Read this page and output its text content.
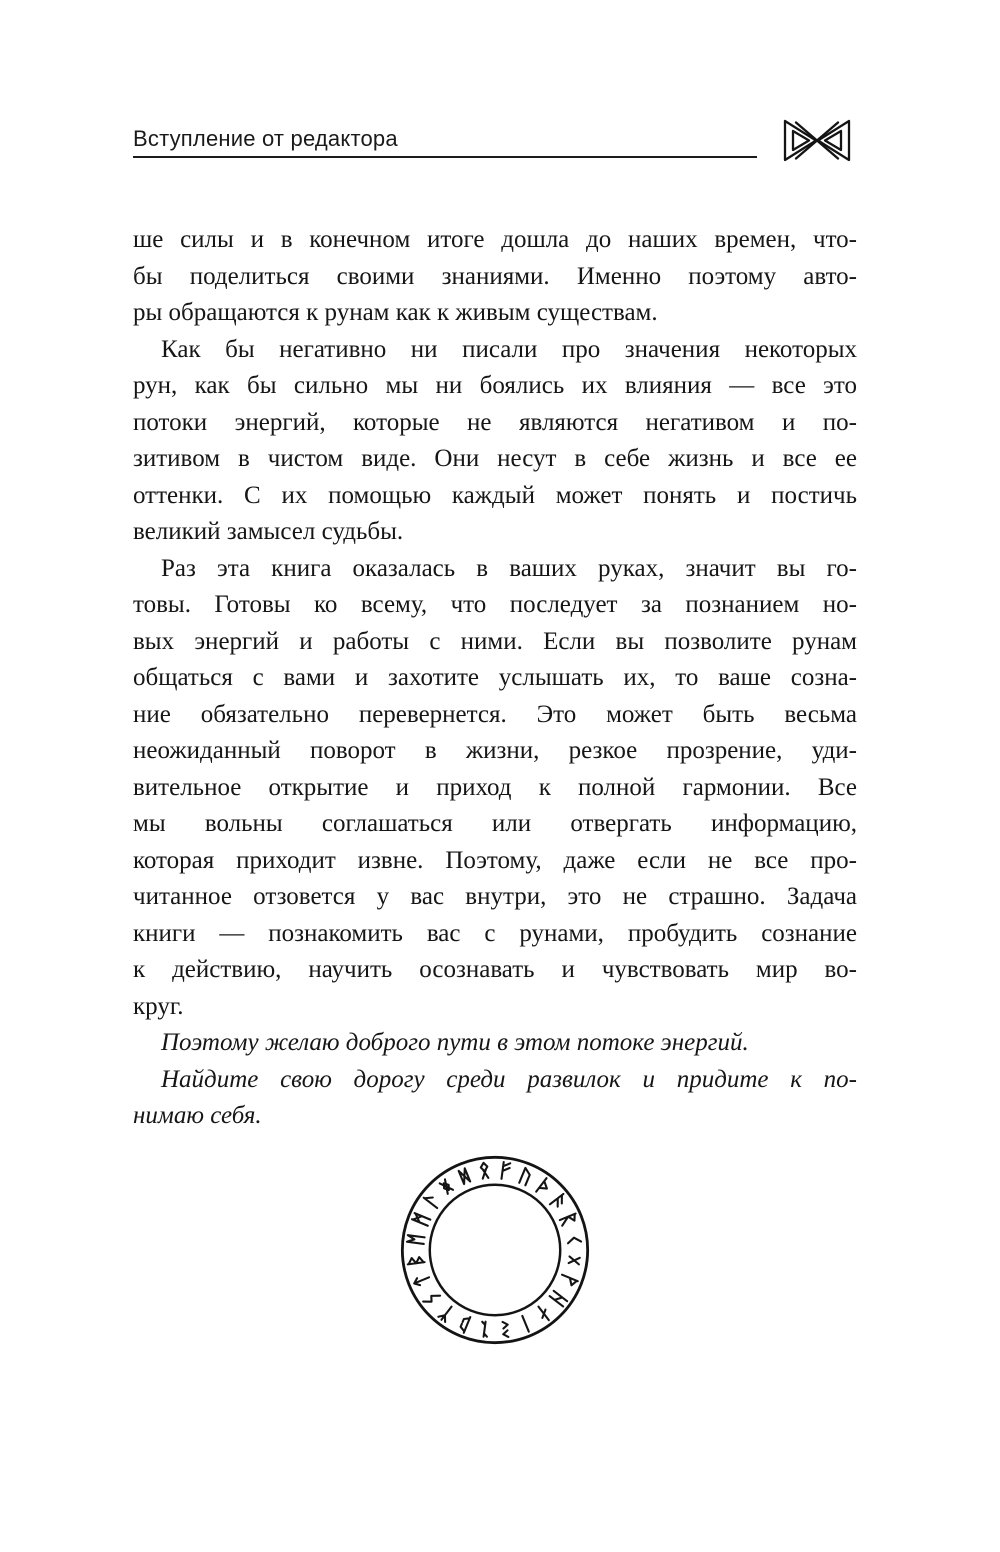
Вступление от редактора
ше силы и в конечном итоге дошла до наших времен, что-
бы поделиться своими знаниями. Именно поэтому авто-
ры обращаются к рунам как к живым существам.
Как бы негативно ни писали про значения некоторых
рун, как бы сильно мы ни боялись их влияния — все это
потоки энергий, которые не являются негативом и по-
зитивом в чистом виде. Они несут в себе жизнь и все ее
оттенки. С их помощью каждый может понять и постичь
великий замысел судьбы.
Раз эта книга оказалась в ваших руках, значит вы го-
товы. Готовы ко всему, что последует за познанием но-
вых энергий и работы с ними. Если вы позволите рунам
общаться с вами и захотите услышать их, то ваше созна-
ние обязательно перевернется. Это может быть весьма
неожиданный поворот в жизни, резкое прозрение, уди-
вительное открытие и приход к полной гармонии. Все
мы вольны соглашаться или отвергать информацию,
которая приходит извне. Поэтому, даже если не все про-
читанное отзовется у вас внутри, это не страшно. Задача
книги — познакомить вас с рунами, пробудить сознание
к действию, научить осознавать и чувствовать мир во-
круг.
Поэтому желаю доброго пути в этом потоке энергий.
Найдите свою дорогу среди развилок и придите к по-
нимаю себя.
